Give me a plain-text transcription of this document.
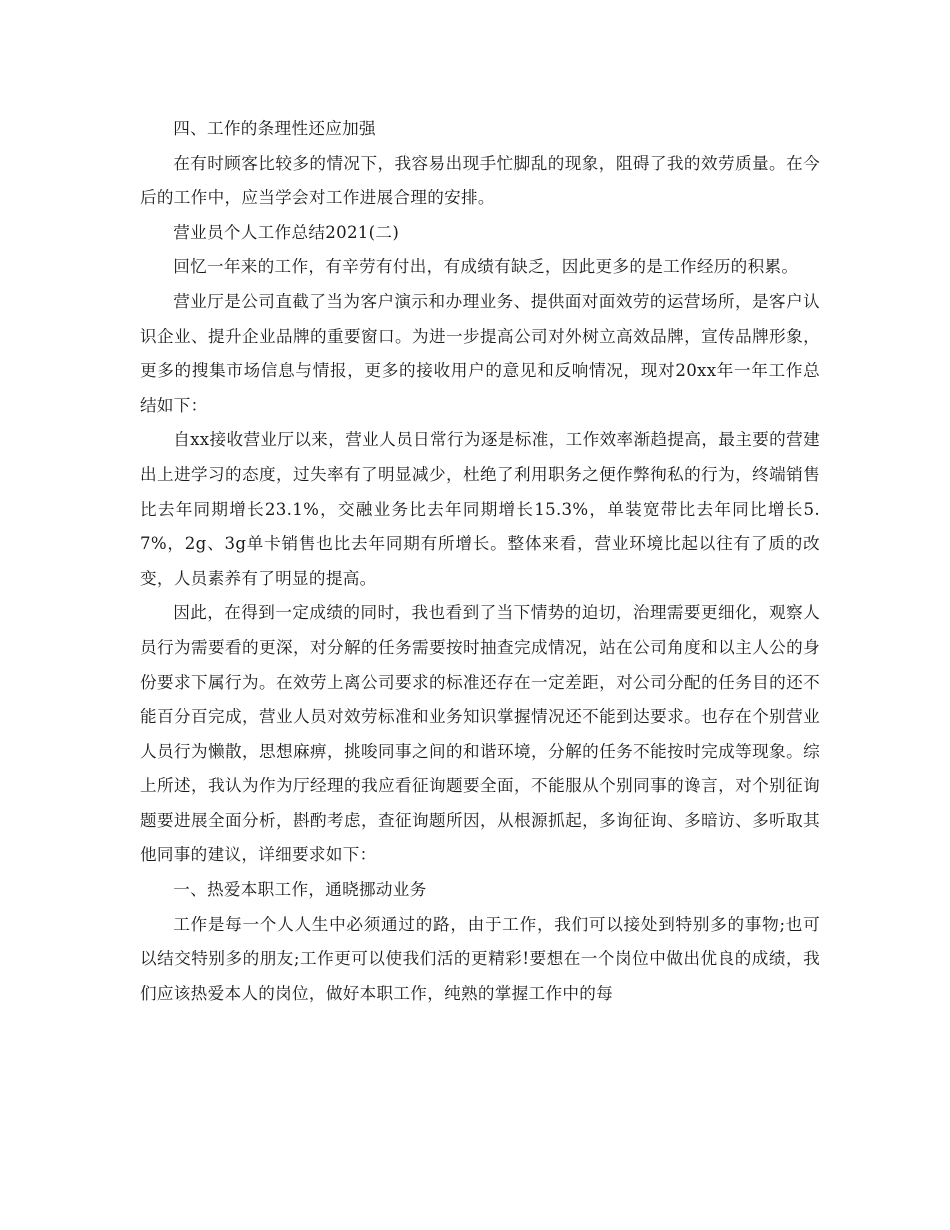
四、工作的条理性还应加强

在有时顾客比较多的情况下，我容易出现手忙脚乱的现象，阻碍了我的效劳质量。在今后的工作中，应当学会对工作进展合理的安排。

营业员个人工作总结2021(二)

回忆一年来的工作，有辛劳有付出，有成绩有缺乏，因此更多的是工作经历的积累。

营业厅是公司直截了当为客户演示和办理业务、提供面对面效劳的运营场所，是客户认识企业、提升企业品牌的重要窗口。为进一步提高公司对外树立高效品牌，宣传品牌形象，更多的搜集市场信息与情报，更多的接收用户的意见和反响情况，现对20xx年一年工作总结如下：

自xx接收营业厅以来，营业人员日常行为逐是标准，工作效率渐趋提高，最主要的营建出上进学习的态度，过失率有了明显减少，杜绝了利用职务之便作弊徇私的行为，终端销售比去年同期增长23.1%，交融业务比去年同期增长15.3%，单装宽带比去年同比增长5.7%，2g、3g单卡销售也比去年同期有所增长。整体来看，营业环境比起以往有了质的改变，人员素养有了明显的提高。

因此，在得到一定成绩的同时，我也看到了当下情势的迫切，治理需要更细化，观察人员行为需要看的更深，对分解的任务需要按时抽查完成情况，站在公司角度和以主人公的身份要求下属行为。在效劳上离公司要求的标准还存在一定差距，对公司分配的任务目的还不能百分百完成，营业人员对效劳标准和业务知识掌握情况还不能到达要求。也存在个别营业人员行为懒散，思想麻痹，挑唆同事之间的和谐环境，分解的任务不能按时完成等现象。综上所述，我认为作为厅经理的我应看征询题要全面，不能服从个别同事的谗言，对个别征询题要进展全面分析，斟酌考虑，查征询题所因，从根源抓起，多询征询、多暗访、多听取其他同事的建议，详细要求如下：

一、热爱本职工作，通晓挪动业务

工作是每一个人人生中必须通过的路，由于工作，我们可以接处到特别多的事物;也可以结交特别多的朋友;工作更可以使我们活的更精彩!要想在一个岗位中做出优良的成绩，我们应该热爱本人的岗位，做好本职工作，纯熟的掌握工作中的每
